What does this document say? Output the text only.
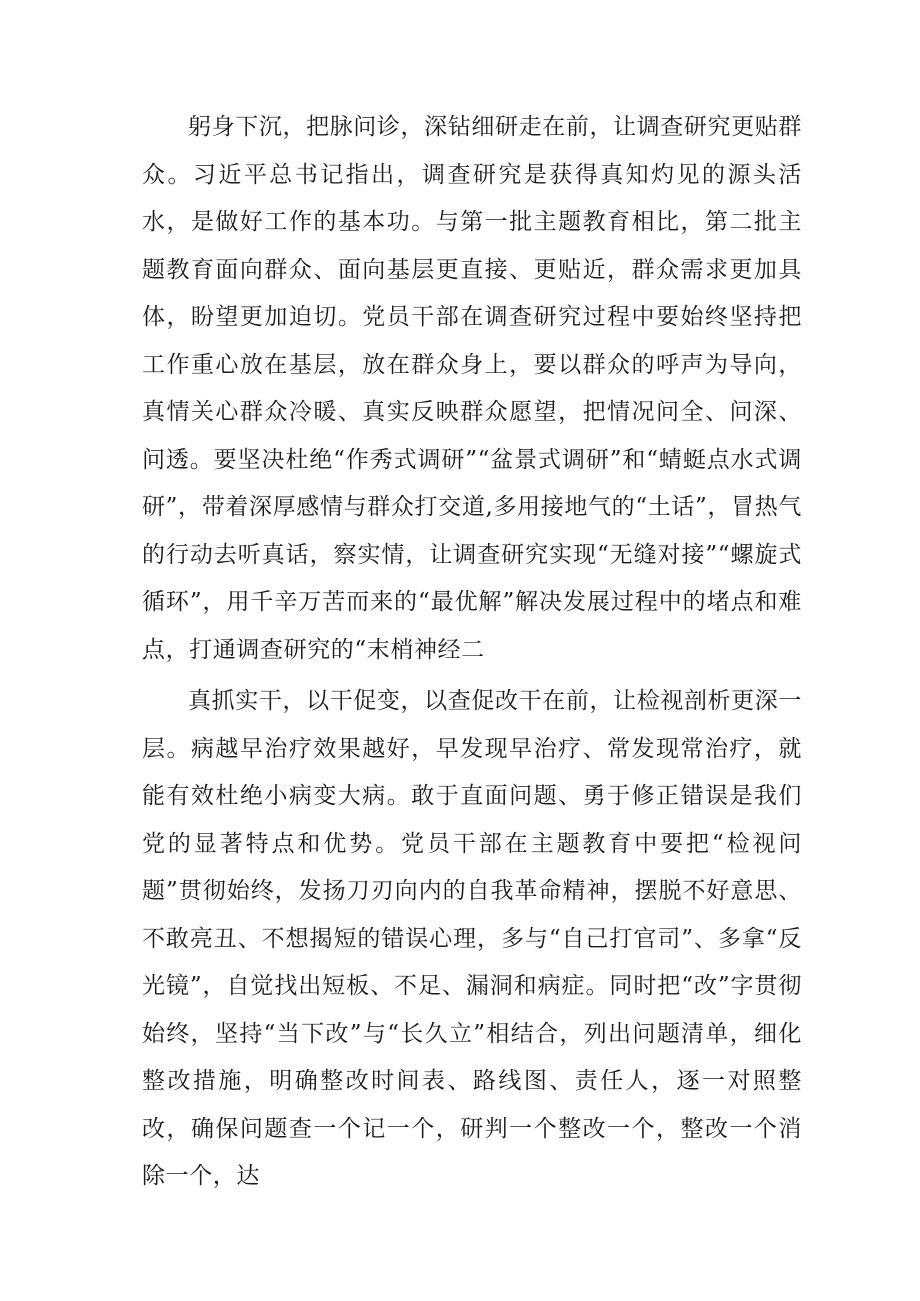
躬身下沉，把脉问诊，深钻细研走在前，让调查研究更贴群众。习近平总书记指出，调查研究是获得真知灼见的源头活水，是做好工作的基本功。与第一批主题教育相比，第二批主题教育面向群众、面向基层更直接、更贴近，群众需求更加具体，盼望更加迫切。党员干部在调查研究过程中要始终坚持把工作重心放在基层，放在群众身上，要以群众的呼声为导向，真情关心群众冷暖、真实反映群众愿望，把情况问全、问深、问透。要坚决杜绝“作秀式调研”“盆景式调研”和“蜻蜓点水式调研”，带着深厚感情与群众打交道,多用接地气的“土话”，冒热气的行动去听真话，察实情，让调查研究实现“无缝对接”“螺旋式循环”，用千辛万苦而来的“最优解”解决发展过程中的堵点和难点，打通调查研究的“末梢神经二

真抓实干，以干促变，以查促改干在前，让检视剖析更深一层。病越早治疗效果越好，早发现早治疗、常发现常治疗，就能有效杜绝小病变大病。敢于直面问题、勇于修正错误是我们党的显著特点和优势。党员干部在主题教育中要把“检视问题”贯彻始终，发扬刀刃向内的自我革命精神，摆脱不好意思、不敢亮丑、不想揭短的错误心理，多与“自己打官司”、多拿“反光镜”，自觉找出短板、不足、漏洞和病症。同时把“改”字贯彻始终，坚持“当下改”与“长久立”相结合，列出问题清单，细化整改措施，明确整改时间表、路线图、责任人，逐一对照整改，确保问题查一个记一个，研判一个整改一个，整改一个消除一个，达
